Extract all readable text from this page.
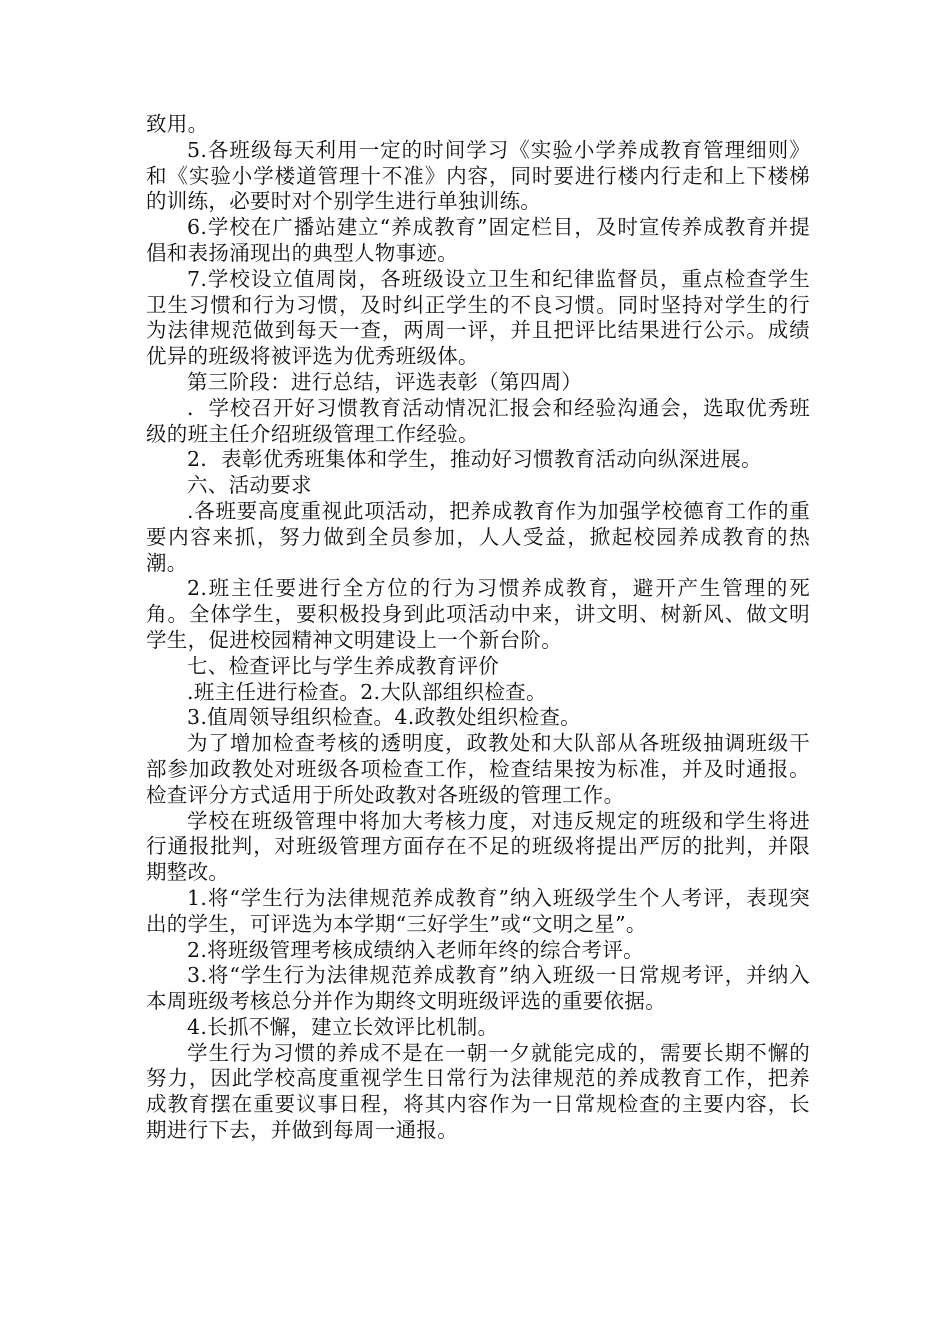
致用。

5.各班级每天利用一定的时间学习《实验小学养成教育管理细则》和《实验小学楼道管理十不准》内容，同时要进行楼内行走和上下楼梯的训练，必要时对个别学生进行单独训练。

6.学校在广播站建立“养成教育”固定栏目，及时宣传养成教育并提倡和表扬涌现出的典型人物事迹。

7.学校设立值周岗，各班级设立卫生和纪律监督员，重点检查学生卫生习惯和行为习惯，及时纠正学生的不良习惯。同时坚持对学生的行为法律规范做到每天一查，两周一评，并且把评比结果进行公示。成绩优异的班级将被评选为优秀班级体。

第三阶段：进行总结，评选表彰（第四周）

．学校召开好习惯教育活动情况汇报会和经验沟通会，选取优秀班级的班主任介绍班级管理工作经验。

2．表彰优秀班集体和学生，推动好习惯教育活动向纵深进展。

六、活动要求

.各班要高度重视此项活动，把养成教育作为加强学校德育工作的重要内容来抓，努力做到全员参加，人人受益，掀起校园养成教育的热潮。

2.班主任要进行全方位的行为习惯养成教育，避开产生管理的死角。全体学生，要积极投身到此项活动中来，讲文明、树新风、做文明学生，促进校园精神文明建设上一个新台阶。

七、检查评比与学生养成教育评价

.班主任进行检查。2.大队部组织检查。

3.值周领导组织检查。4.政教处组织检查。

为了增加检查考核的透明度，政教处和大队部从各班级抽调班级干部参加政教处对班级各项检查工作，检查结果按为标准，并及时通报。检查评分方式适用于所处政教对各班级的管理工作。

学校在班级管理中将加大考核力度，对违反规定的班级和学生将进行通报批判，对班级管理方面存在不足的班级将提出严厉的批判，并限期整改。

1.将“学生行为法律规范养成教育”纳入班级学生个人考评，表现突出的学生，可评选为本学期“三好学生”或“文明之星”。

2.将班级管理考核成绩纳入老师年终的综合考评。

3.将“学生行为法律规范养成教育”纳入班级一日常规考评，并纳入本周班级考核总分并作为期终文明班级评选的重要依据。

4.长抓不懈，建立长效评比机制。

学生行为习惯的养成不是在一朝一夕就能完成的，需要长期不懈的努力，因此学校高度重视学生日常行为法律规范的养成教育工作，把养成教育摆在重要议事日程，将其内容作为一日常规检查的主要内容，长期进行下去，并做到每周一通报。
